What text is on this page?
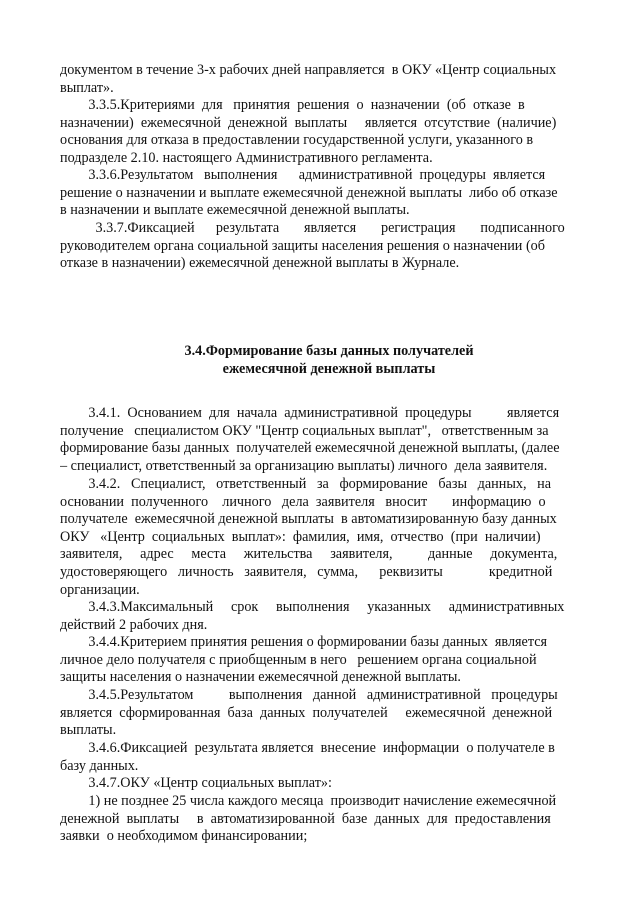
документом в течение 3-х рабочих дней направляется  в ОКУ «Центр социальных
выплат».
3.3.5.Критериями  для   принятия  решения  о  назначении  (об  отказе  в
назначении)  ежемесячной  денежной  выплаты     является  отсутствие  (наличие)
основания для отказа в предоставлении государственной услуги, указанного в
подразделе 2.10. настоящего Административного регламента.
3.3.6.Результатом   выполнения      административной  процедуры  является
решение о назначении и выплате ежемесячной денежной выплаты  либо об отказе
в назначении и выплате ежемесячной денежной выплаты.
3.3.7.Фиксацией      результата       является       регистрация       подписанного
руководителем органа социальной защиты населения решения о назначении (об
отказе в назначении) ежемесячной денежной выплаты в Журнале.
3.4.Формирование базы данных получателей
ежемесячной денежной выплаты
3.4.1.  Основанием  для  начала  административной  процедуры          является
получение   специалистом ОКУ "Центр социальных выплат",   ответственным за
формирование базы данных  получателей ежемесячной денежной выплаты, (далее
– специалист, ответственный за организацию выплаты) личного  дела заявителя.
3.4.2.   Специалист,   ответственный   за   формирование   базы   данных,   на
основании  полученного    личного   дела  заявителя   вносит       информацию  о
получателе  ежемесячной денежной выплаты  в автоматизированную базу данных
ОКУ   «Центр  социальных  выплат»:  фамилия,  имя,  отчество  (при  наличии)
заявителя,     адрес     места     жительства     заявителя,          данные     документа,
удостоверяющего   личность   заявителя,   сумма,      реквизиты             кредитной
организации.
3.4.3.Максимальный     срок     выполнения     указанных     административных
действий 2 рабочих дня.
3.4.4.Критерием принятия решения о формировании базы данных  является
личное дело получателя с приобщенным в него   решением органа социальной
защиты населения о назначении ежемесячной денежной выплаты.
3.4.5.Результатом          выполнения   данной   административной   процедуры
является  сформированная  база  данных  получателей     ежемесячной  денежной
выплаты.
3.4.6.Фиксацией  результата является  внесение  информации  о получателе в
базу данных.
3.4.7.ОКУ «Центр социальных выплат»:
1) не позднее 25 числа каждого месяца  производит начисление ежемесячной
денежной  выплаты     в  автоматизированной  базе  данных  для  предоставления
заявки  о необходимом финансировании;
